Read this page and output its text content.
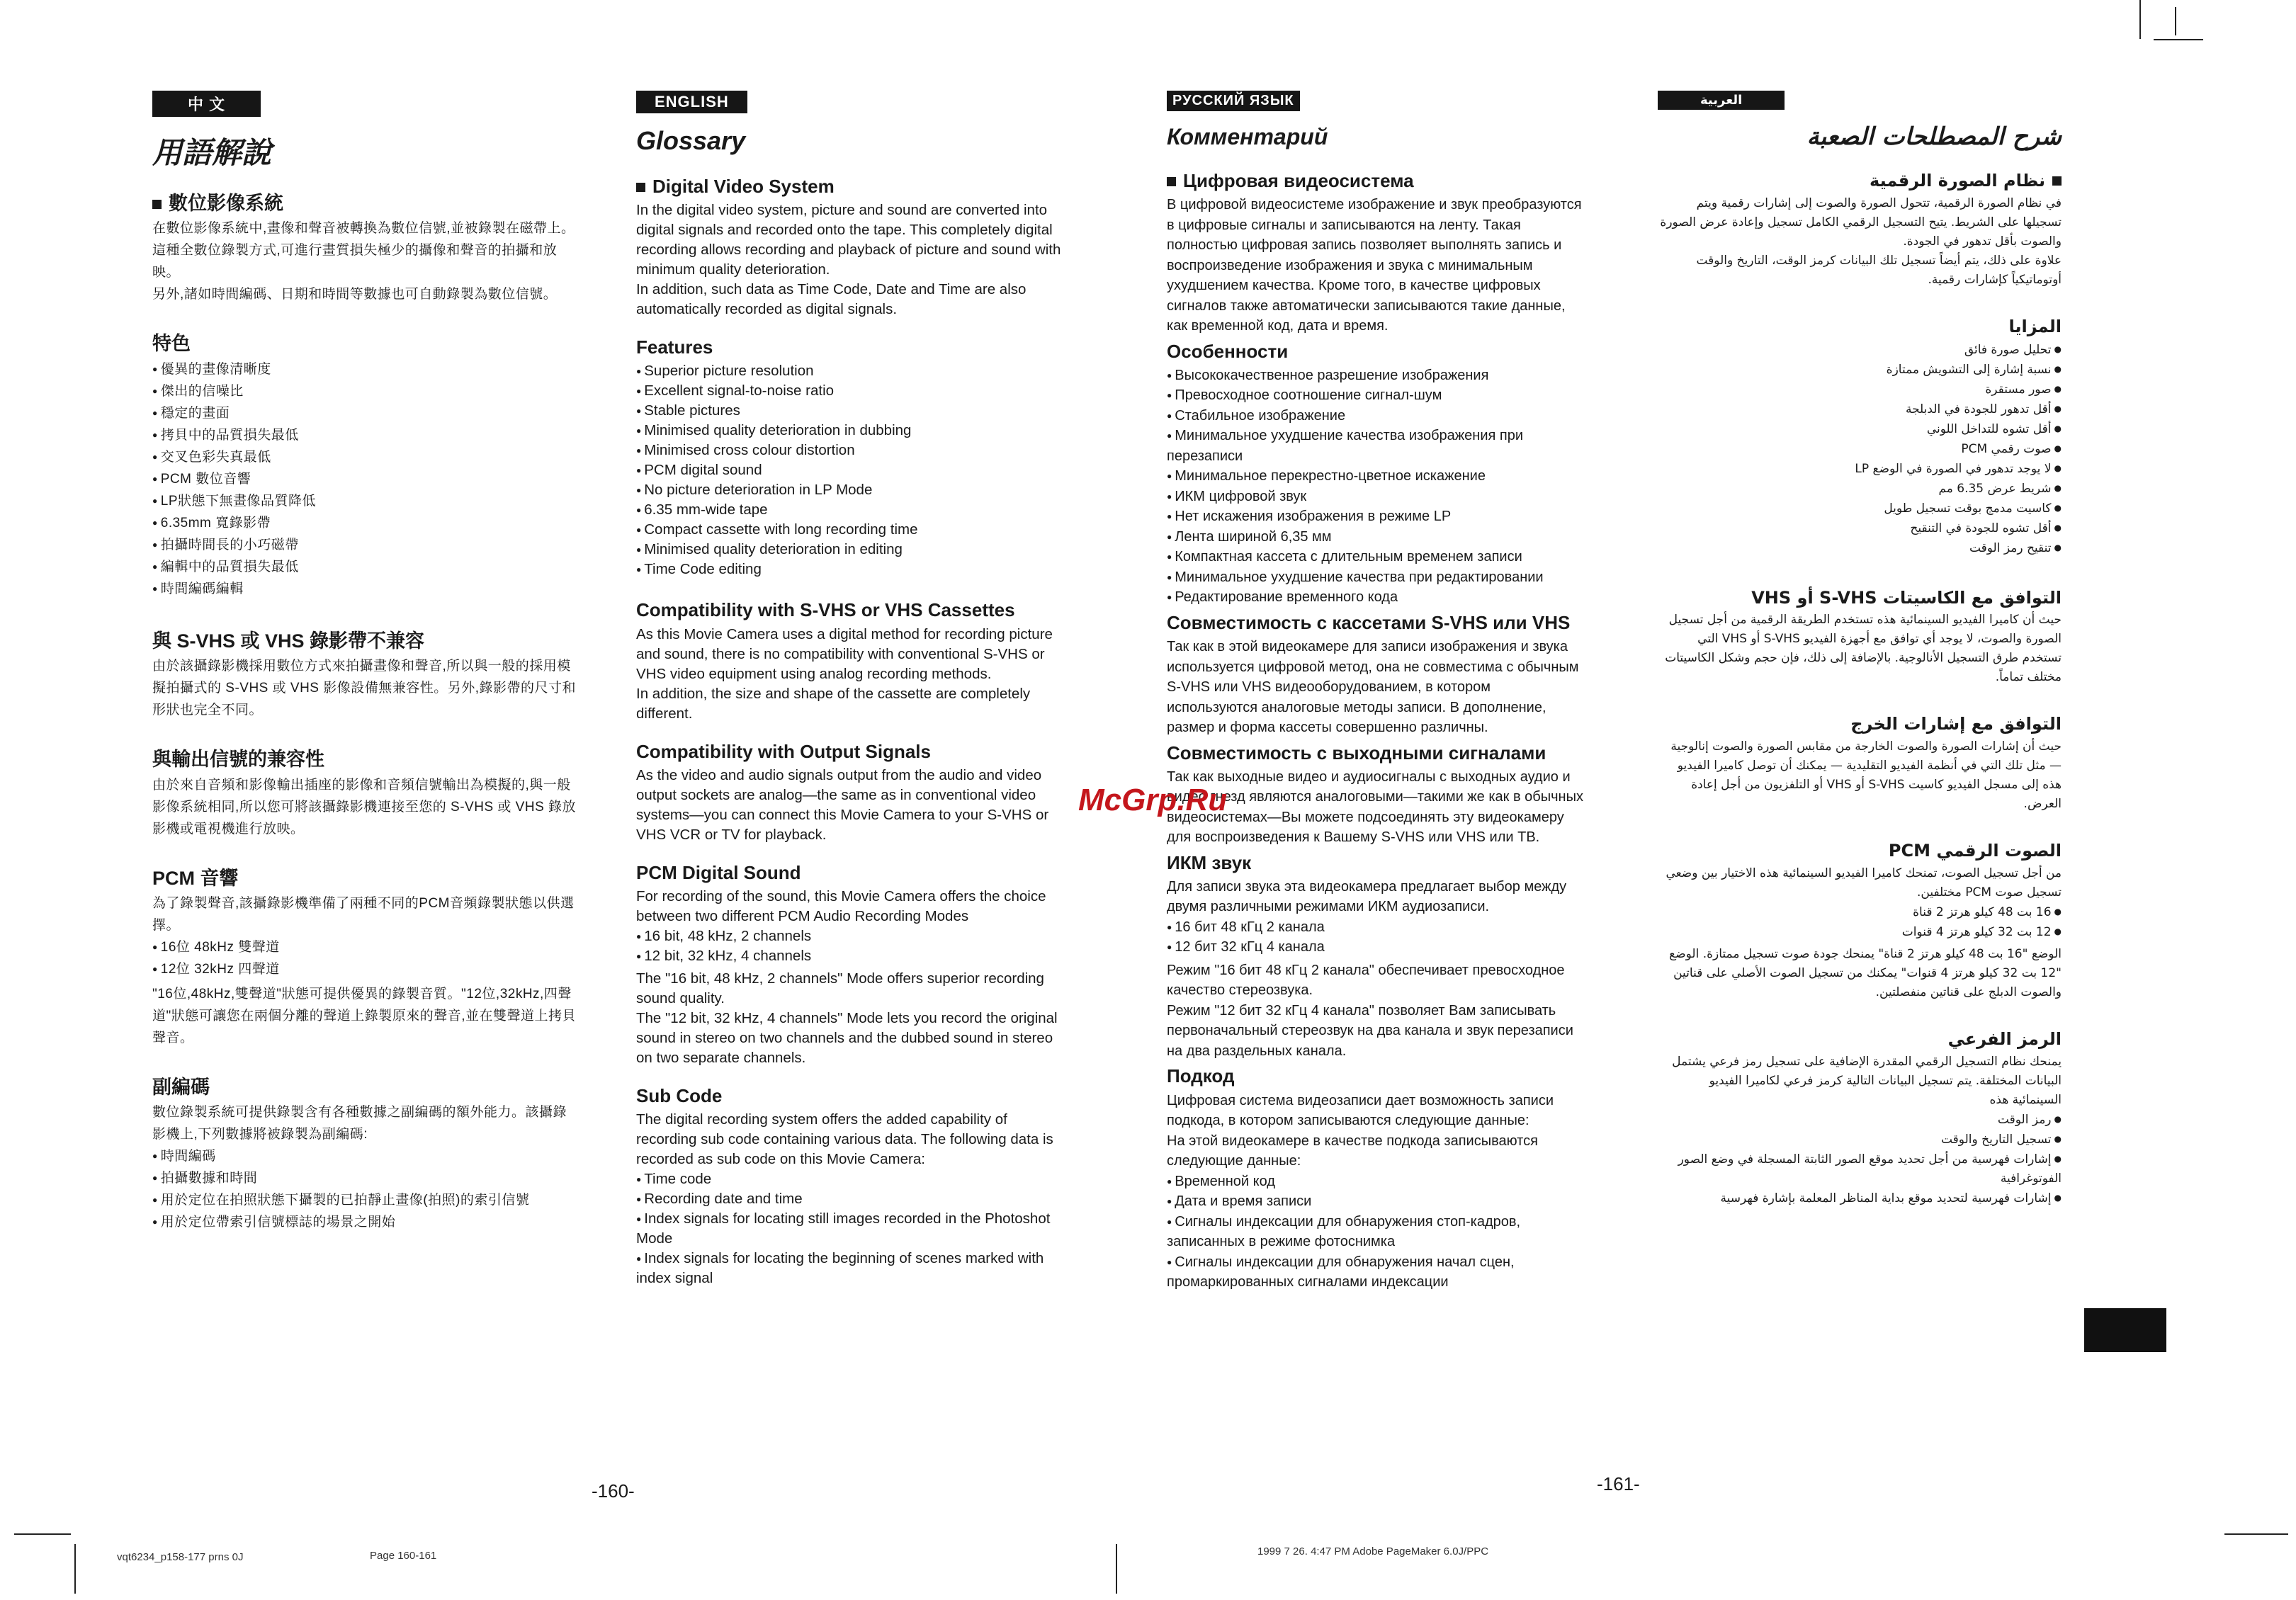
中 文
用語解說
數位影像系統

在數位影像系統中,畫像和聲音被轉換為數位信號,並被錄製在磁帶上。這種全數位錄製方式,可進行畫質損失極少的攝像和聲音的拍攝和放映。

另外,諸如時間編碼、日期和時間等數據也可自動錄製為數位信號。

特色
● 優異的畫像清晰度
● 傑出的信噪比
● 穩定的畫面
● 拷貝中的品質損失最低
● 交叉色彩失真最低
● PCM 數位音響
● LP狀態下無畫像品質降低
● 6.35mm 寬錄影帶
● 拍攝時間長的小巧磁帶
● 編輯中的品質損失最低
● 時間編碼編輯
與 S-VHS 或 VHS 錄影帶不兼容

由於該攝錄影機採用數位方式來拍攝畫像和聲音,所以與一般的採用模擬拍攝式的 S-VHS 或 VHS 影像設備無兼容性。另外,錄影帶的尺寸和形狀也完全不同。

與輸出信號的兼容性

由於來自音頻和影像輸出插座的影像和音頻信號輸出為模擬的,與一般影像系統相同,所以您可將該攝錄影機連接至您的 S-VHS 或 VHS 錄放影機或電視機進行放映。

PCM 音響

為了錄製聲音,該攝錄影機準備了兩種不同的PCM音頻錄製狀態以供選擇。

● 16位 48kHz 雙聲道
● 12位 32kHz 四聲道

"16位,48kHz,雙聲道"狀態可提供優異的錄製音質。"12位,32kHz,四聲道"狀態可讓您在兩個分離的聲道上錄製原來的聲音,並在雙聲道上拷貝聲音。

副編碼

數位錄製系統可提供錄製含有各種數據之副編碼的額外能力。該攝錄影機上,下列數據將被錄製為副編碼:

● 時間編碼
● 拍攝數據和時間
● 用於定位在拍照狀態下攝製的已拍靜止畫像(拍照)的索引信號
● 用於定位帶索引信號標誌的場景之開始
ENGLISH
Glossary
Digital Video System

In the digital video system, picture and sound are converted into digital signals and recorded onto the tape. This completely digital recording allows recording and playback of picture and sound with minimum quality deterioration.

In addition, such data as Time Code, Date and Time are also automatically recorded as digital signals.

Features
● Superior picture resolution
● Excellent signal-to-noise ratio
● Stable pictures
● Minimised quality deterioration in dubbing
● Minimised cross colour distortion
● PCM digital sound
● No picture deterioration in LP Mode
● 6.35 mm-wide tape
● Compact cassette with long recording time
● Minimised quality deterioration in editing
● Time Code editing
Compatibility with S-VHS or VHS Cassettes

As this Movie Camera uses a digital method for recording picture and sound, there is no compatibility with conventional S-VHS or VHS video equipment using analog recording methods.

In addition, the size and shape of the cassette are completely different.

Compatibility with Output Signals

As the video and audio signals output from the audio and video output sockets are analog—the same as in conventional video systems—you can connect this Movie Camera to your S-VHS or VHS VCR or TV for playback.

PCM Digital Sound

For recording of the sound, this Movie Camera offers the choice between two different PCM Audio Recording Modes

● 16 bit, 48 kHz, 2 channels
● 12 bit, 32 kHz, 4 channels

The "16 bit, 48 kHz, 2 channels" Mode offers superior recording sound quality.

The "12 bit, 32 kHz, 4 channels" Mode lets you record the original sound in stereo on two channels and the dubbed sound in stereo on two separate channels.

Sub Code

The digital recording system offers the added capability of recording sub code containing various data. The following data is recorded as sub code on this Movie Camera:

● Time code
● Recording date and time
● Index signals for locating still images recorded in the Photoshot Mode
● Index signals for locating the beginning of scenes marked with index signal
РУССКИЙ ЯЗЫК
Комментарий
Цифровая видеосистема

В цифровой видеосистеме изображение и звук преобразуются в цифровые сигналы и записываются на ленту. Такая полностью цифровая запись позволяет выполнять запись и воспроизведение изображения и звука с минимальным ухудшением качества. Кроме того, в качестве цифровых сигналов также автоматически записываются такие данные, как временной код, дата и время.

Особенности
● Высококачественное разрешение изображения
● Превосходное соотношение сигнал-шум
● Стабильное изображение
● Минимальное ухудшение качества изображения при перезаписи
● Минимальное перекрестно-цветное искажение
● ИКМ цифровой звук
● Нет искажения изображения в режиме LP
● Лента шириной 6,35 мм
● Компактная кассета с длительным временем записи
● Минимальное ухудшение качества при редактировании
● Редактирование временного кода
Совместимость с кассетами S-VHS или VHS

Так как в этой видеокамере для записи изображения и звука используется цифровой метод, она не совместима с обычным S-VHS или VHS видеооборудованием, в котором используются аналоговые методы записи. В дополнение, размер и форма кассеты совершенно различны.

Совместимость с выходными сигналами

Так как выходные видео и аудиосигналы с выходных аудио и видео гнезд являются аналоговыми—такими же как в обычных видеосистемах—Вы можете подсоединять эту видеокамеру для воспроизведения к Вашему S-VHS или VHS или ТВ.

ИКМ звук

Для записи звука эта видеокамера предлагает выбор между двумя различными режимами ИКМ аудиозаписи.

● 16 бит 48 кГц 2 канала
● 12 бит 32 кГц 4 канала

Режим "16 бит 48 кГц 2 канала" обеспечивает превосходное качество стереозвука.

Режим "12 бит 32 кГц 4 канала" позволяет Вам записывать первоначальный стереозвук на два канала и звук перезаписи на два раздельных канала.

Подкод

Цифровая система видеозаписи дает возможность записи подкода, в котором записываются следующие данные:

На этой видеокамере в качестве подкода записываются следующие данные:

● Временной код
● Дата и время записи
● Сигналы индексации для обнаружения стоп-кадров, записанных в режиме фотоснимка
● Сигналы индексации для обнаружения начал сцен, промаркированных сигналами индексации
العربية
شرح المصطلحات الصعبة
نظام الصورة الرقمية

في نظام الصورة الرقمية، تتحول الصورة والصوت إلى إشارات رقمية ويتم تسجيلها على الشريط. يتيح التسجيل الرقمي الكامل تسجيل وإعادة عرض الصورة والصوت بأقل تدهور في الجودة.

علاوة على ذلك، يتم أيضاً تسجيل تلك البيانات كرمز الوقت، التاريخ والوقت أوتوماتيكياً كإشارات رقمية.

المزايا
● تحليل صورة فائق
● نسبة إشارة إلى التشويش ممتازة
● صور مستقرة
● أقل تدهور للجودة في الدبلجة
● أقل تشوه للتداخل اللوني
● صوت رقمي PCM
● لا يوجد تدهور في الصورة في الوضع LP
● شريط عرض 6.35 مم
● كاسيت مدمج بوقت تسجيل طويل
● أقل تشوه للجودة في التنقيح
● تنقيح رمز الوقت
التوافق مع الكاسيتات S-VHS أو VHS

حيث أن كاميرا الفيديو السينمائية هذه تستخدم الطريقة الرقمية من أجل تسجيل الصورة والصوت، لا يوجد أي توافق مع أجهزة الفيديو S-VHS أو VHS التي تستخدم طرق التسجيل الأنالوجية. بالإضافة إلى ذلك، فإن حجم وشكل الكاسيتات مختلف تماماً.

التوافق مع إشارات الخرج

حيث أن إشارات الصورة والصوت الخارجة من مقابس الصورة والصوت إنالوجية — مثل تلك التي في أنظمة الفيديو التقليدية — يمكنك أن توصل كاميرا الفيديو هذه إلى مسجل الفيديو كاسيت S-VHS أو VHS أو التلفزيون من أجل إعادة العرض.

الصوت الرقمي PCM

من أجل تسجيل الصوت، تمنحك كاميرا الفيديو السينمائية هذه الاختيار بين وضعي تسجيل صوت PCM مختلفين.

● 16 بت 48 كيلو هرتز 2 قناة
● 12 بت 32 كيلو هرتز 4 قنوات

الوضع "16 بت 48 كيلو هرتز 2 قناة" يمنحك جودة صوت تسجيل ممتازة. الوضع "12 بت 32 كيلو هرتز 4 قنوات" يمكنك من تسجيل الصوت الأصلي على قناتين والصوت الدبلج على قناتين منفصلتين.

الرمز الفرعي

يمنحك نظام التسجيل الرقمي المقدرة الإضافية على تسجيل رمز فرعي يشتمل البيانات المختلفة. يتم تسجيل البيانات التالية كرمز فرعي لكاميرا الفيديو السينمائية هذه

● رمز الوقت
● تسجيل التاريخ والوقت
● إشارات فهرسية من أجل تحديد موقع الصور الثابتة المسجلة في وضع الصور الفوتوغرافية
● إشارات فهرسية لتحديد موقع بداية المناظر المعلمة بإشارة فهرسية
McGrp.Ru
-160-	-161-
vqt6234_p158-177 prns 0J	Page 160-161	1999 7 26. 4:47 PM Adobe PageMaker 6.0J/PPC
